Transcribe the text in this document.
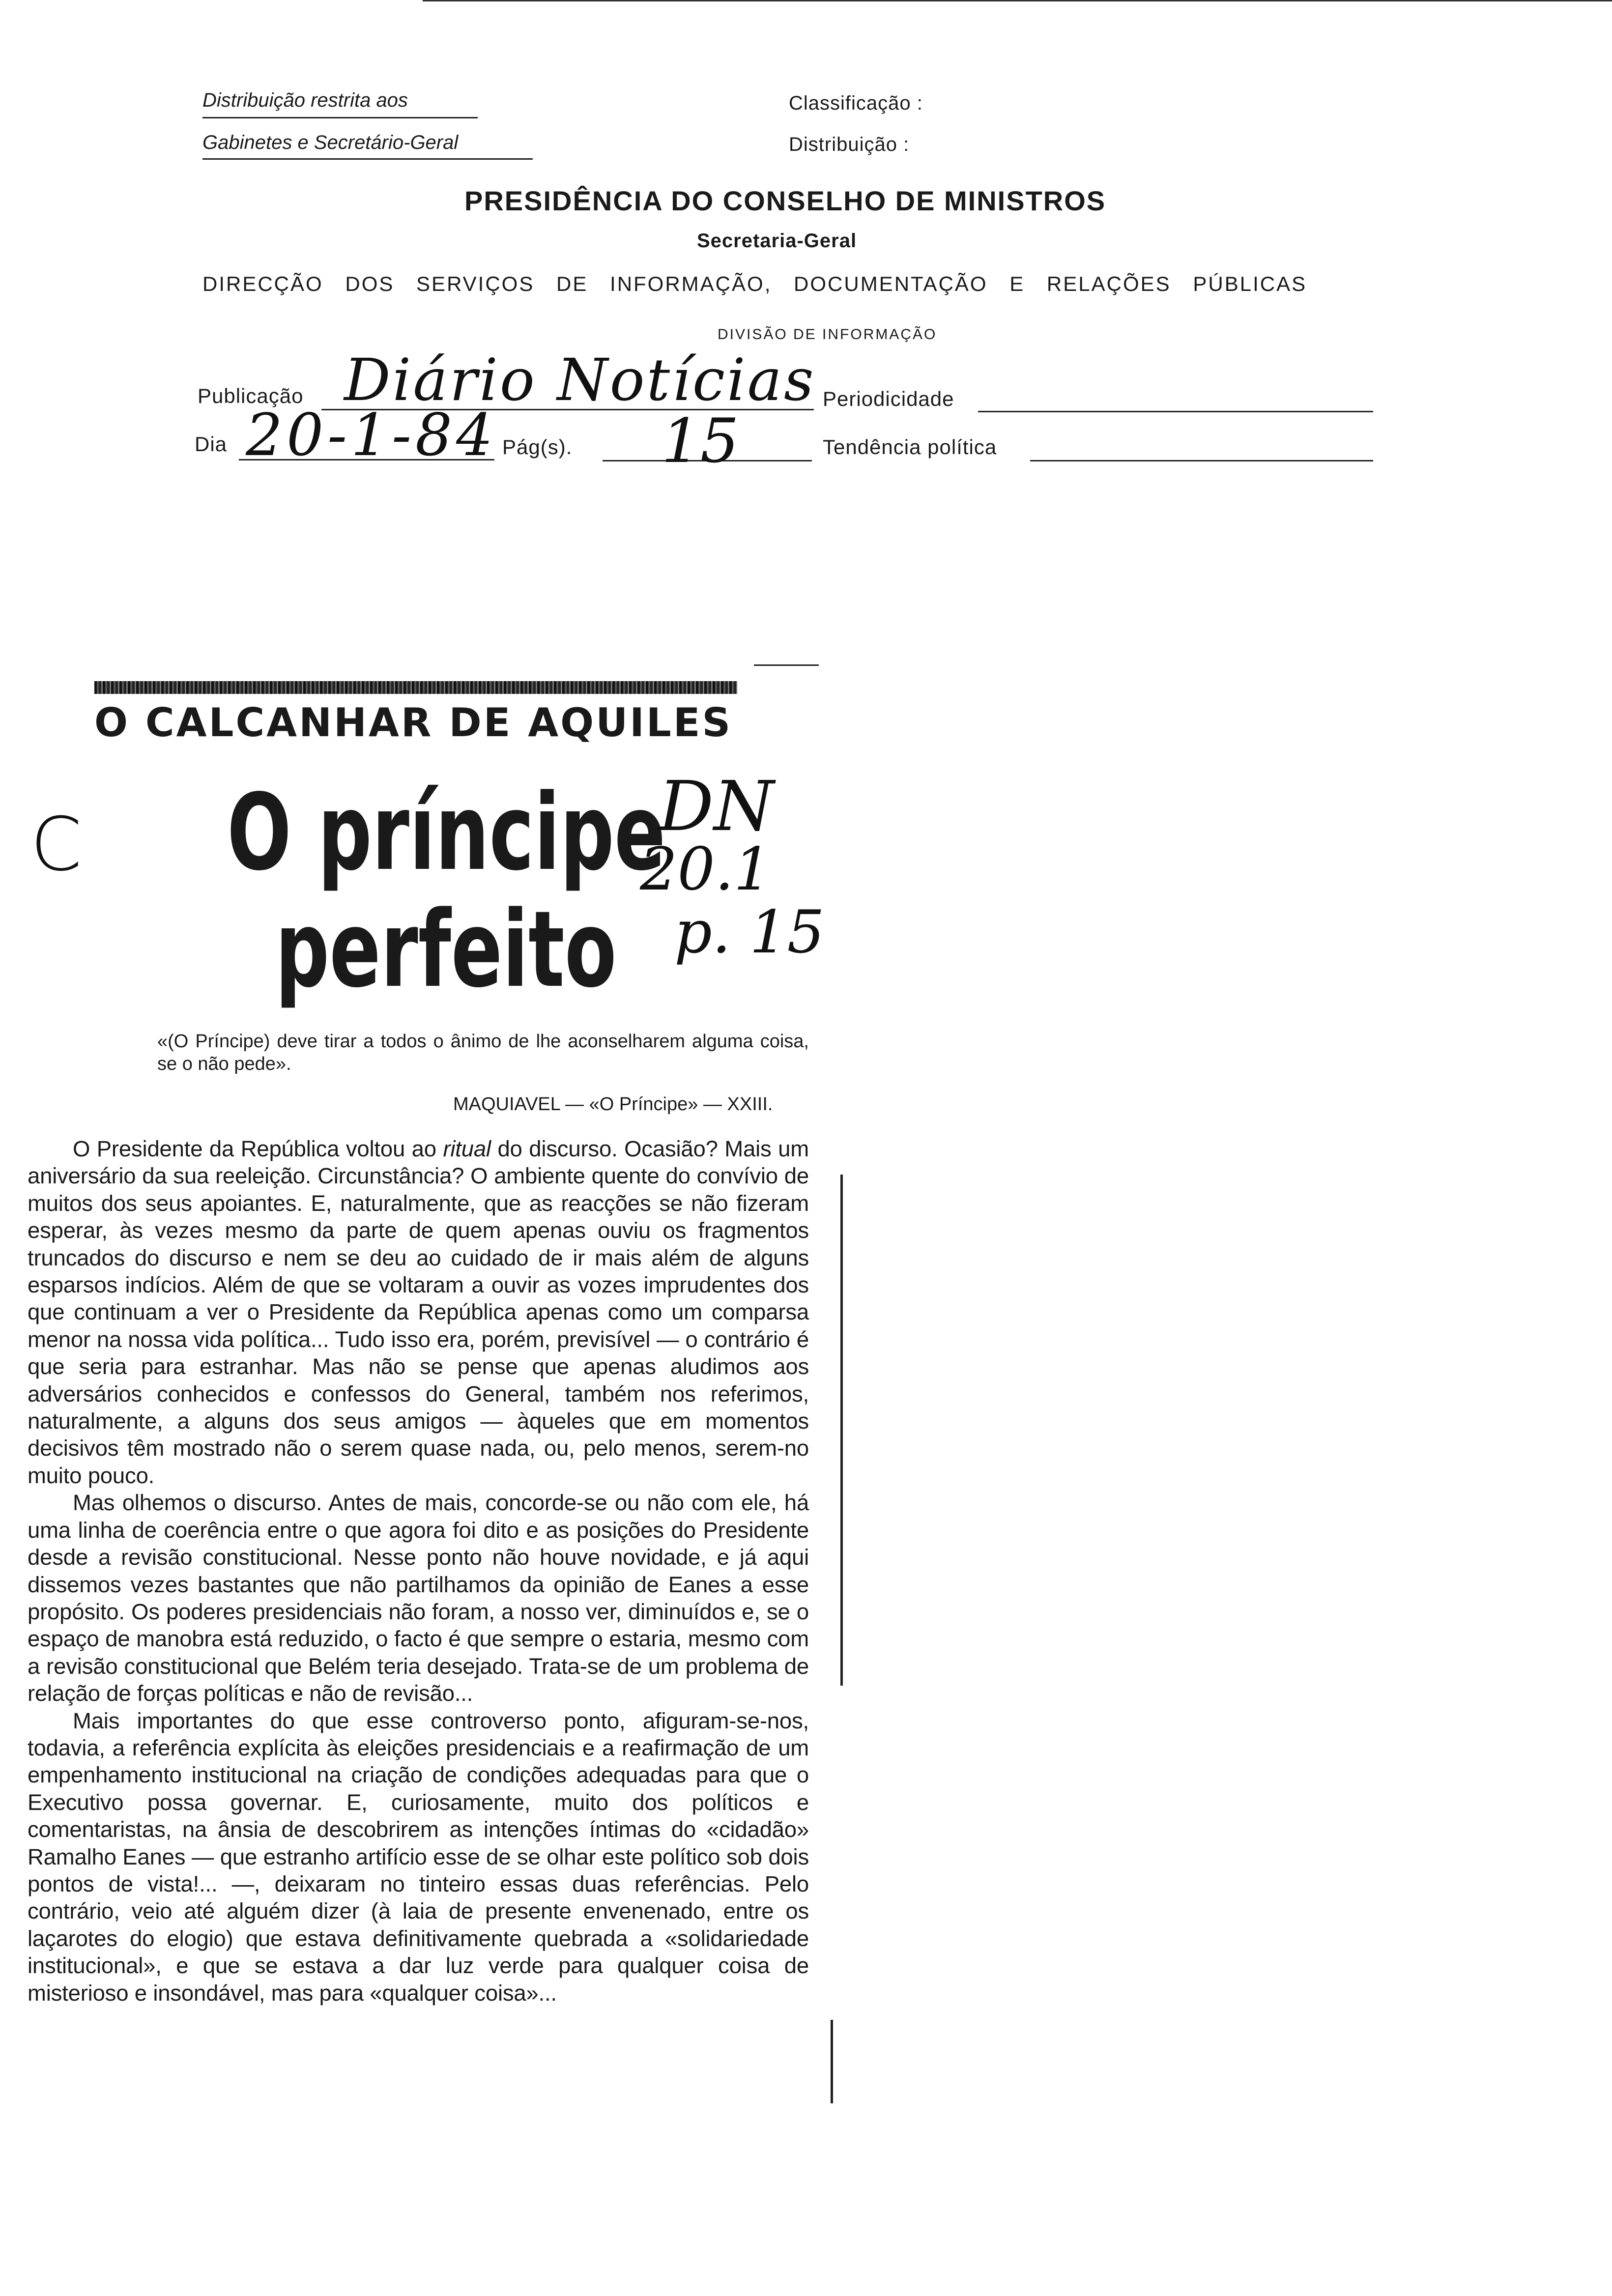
Distribuição restrita aos
Gabinetes e Secretário-Geral
Classificação :
Distribuição :
PRESIDÊNCIA DO CONSELHO DE MINISTROS
Secretaria-Geral
DIRECÇÃO DOS SERVIÇOS DE INFORMAÇÃO, DOCUMENTAÇÃO E RELAÇÕES PÚBLICAS
DIVISÃO DE INFORMAÇÃO
Publicação Diário Notícias Periodicidade
Dia 20-1-84 Pág(s). 15	Tendência política
O CALCANHAR DE AQUILES
C O príncipe
perfeito
DN
20.1
p. 15
«(O Príncipe) deve tirar a todos o ânimo de lhe aconselharem alguma coisa, se o não pede».
MAQUIAVEL — «O Príncipe» — XXIII.

O Presidente da República voltou ao ritual do discurso. Ocasião? Mais um aniversário da sua reeleição. Circunstância? O ambiente quente do convívio de muitos dos seus apoiantes. E, naturalmente, que as reacções se não fizeram esperar, às vezes mesmo da parte de quem apenas ouviu os fragmentos truncados do discurso e nem se deu ao cuidado de ir mais além de alguns esparsos indícios. Além de que se voltaram a ouvir as vozes imprudentes dos que continuam a ver o Presidente da República apenas como um comparsa menor na nossa vida política... Tudo isso era, porém, previsível — o contrário é que seria para estranhar. Mas não se pense que apenas aludimos aos adversários conhecidos e confessos do General, também nos referimos, naturalmente, a alguns dos seus amigos — àqueles que em momentos decisivos têm mostrado não o serem quase nada, ou, pelo menos, serem-no muito pouco.

Mas olhemos o discurso. Antes de mais, concorde-se ou não com ele, há uma linha de coerência entre o que agora foi dito e as posições do Presidente desde a revisão constitucional. Nesse ponto não houve novidade, e já aqui dissemos vezes bastantes que não partilhamos da opinião de Eanes a esse propósito. Os poderes presidenciais não foram, a nosso ver, diminuídos e, se o espaço de manobra está reduzido, o facto é que sempre o estaria, mesmo com a revisão constitucional que Belém teria desejado. Trata-se de um problema de relação de forças políticas e não de revisão...

Mais importantes do que esse controverso ponto, afiguram-se-nos, todavia, a referência explícita às eleições presidenciais e a reafirmação de um empenhamento institucional na criação de condições adequadas para que o Executivo possa governar. E, curiosamente, muito dos políticos e comentaristas, na ânsia de descobrirem as intenções íntimas do «cidadão» Ramalho Eanes — que estranho artifício esse de se olhar este político sob dois pontos de vista!... —, deixaram no tinteiro essas duas referências. Pelo contrário, veio até alguém dizer (à laia de presente envenenado, entre os laçarotes do elogio) que estava definitivamente quebrada a «solidariedade institucional», e que se estava a dar luz verde para qualquer coisa de misterioso e insondável, mas para «qualquer coisa»...
